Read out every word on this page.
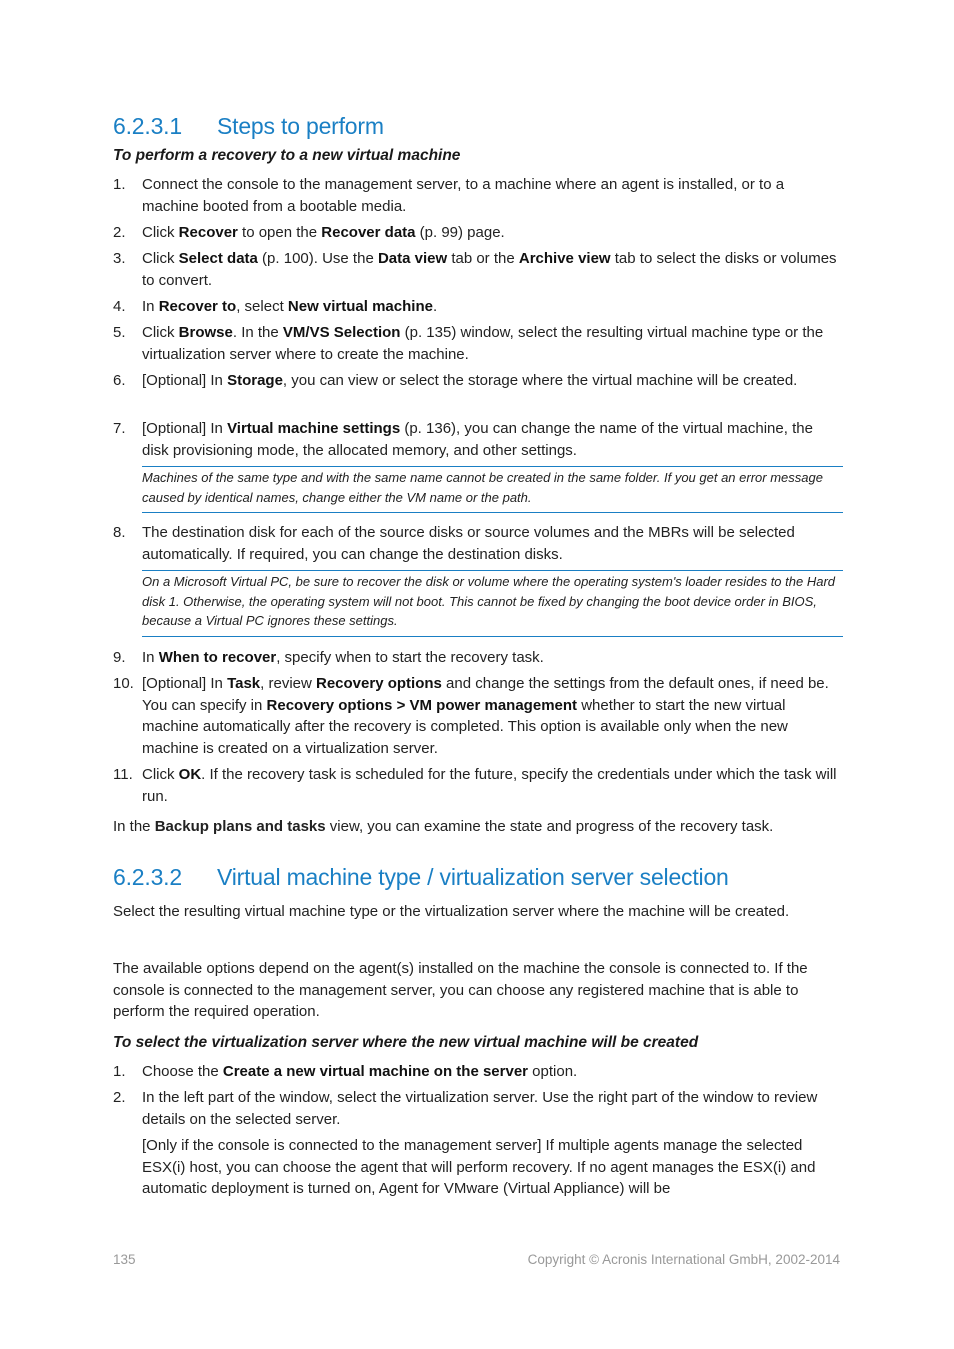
6.2.3.1 Steps to perform
To perform a recovery to a new virtual machine
1.	Connect the console to the management server, to a machine where an agent is installed, or to a machine booted from a bootable media.
2.	Click Recover to open the Recover data (p. 99) page.
3.	Click Select data (p. 100). Use the Data view tab or the Archive view tab to select the disks or volumes to convert.
4.	In Recover to, select New virtual machine.
5.	Click Browse. In the VM/VS Selection (p. 135) window, select the resulting virtual machine type or the virtualization server where to create the machine.
6.	[Optional] In Storage, you can view or select the storage where the virtual machine will be created.
7.	[Optional] In Virtual machine settings (p. 136), you can change the name of the virtual machine, the disk provisioning mode, the allocated memory, and other settings.
Machines of the same type and with the same name cannot be created in the same folder. If you get an error message caused by identical names, change either the VM name or the path.
8.	The destination disk for each of the source disks or source volumes and the MBRs will be selected automatically. If required, you can change the destination disks.
On a Microsoft Virtual PC, be sure to recover the disk or volume where the operating system's loader resides to the Hard disk 1. Otherwise, the operating system will not boot. This cannot be fixed by changing the boot device order in BIOS, because a Virtual PC ignores these settings.
9.	In When to recover, specify when to start the recovery task.
10. [Optional] In Task, review Recovery options and change the settings from the default ones, if need be. You can specify in Recovery options > VM power management whether to start the new virtual machine automatically after the recovery is completed. This option is available only when the new machine is created on a virtualization server.
11. Click OK. If the recovery task is scheduled for the future, specify the credentials under which the task will run.
In the Backup plans and tasks view, you can examine the state and progress of the recovery task.
6.2.3.2 Virtual machine type / virtualization server selection
Select the resulting virtual machine type or the virtualization server where the machine will be created.
The available options depend on the agent(s) installed on the machine the console is connected to. If the console is connected to the management server, you can choose any registered machine that is able to perform the required operation.
To select the virtualization server where the new virtual machine will be created
1.	Choose the Create a new virtual machine on the server option.
2.	In the left part of the window, select the virtualization server. Use the right part of the window to review details on the selected server.
[Only if the console is connected to the management server] If multiple agents manage the selected ESX(i) host, you can choose the agent that will perform recovery. If no agent manages the ESX(i) and automatic deployment is turned on, Agent for VMware (Virtual Appliance) will be
135	Copyright © Acronis International GmbH, 2002-2014
